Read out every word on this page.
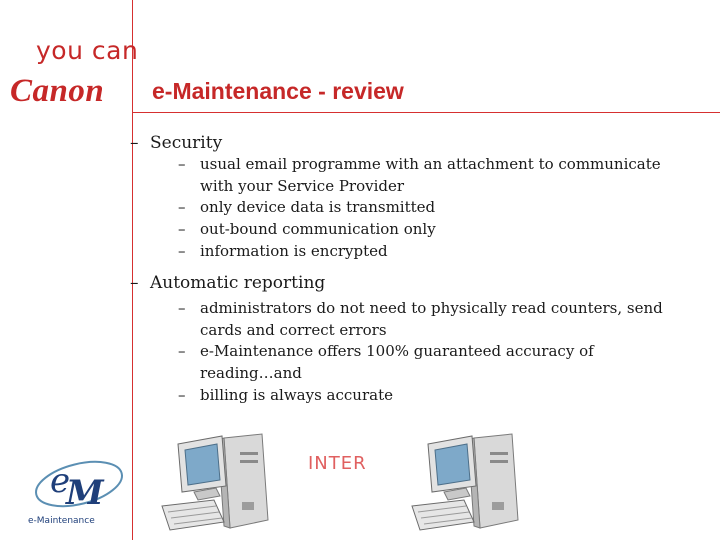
you can
Canon e-Maintenance - review
– Security
– usual email programme with an attachment to communicate with your Service Provider
– only device data is transmitted
– out-bound communication only
– information is encrypted
– Automatic reporting
– administrators do not need to physically read counters, send cards and correct errors
– e-Maintenance offers 100% guaranteed accuracy of reading…and
– billing is always accurate
INTER
e
M
e-Maintenance
